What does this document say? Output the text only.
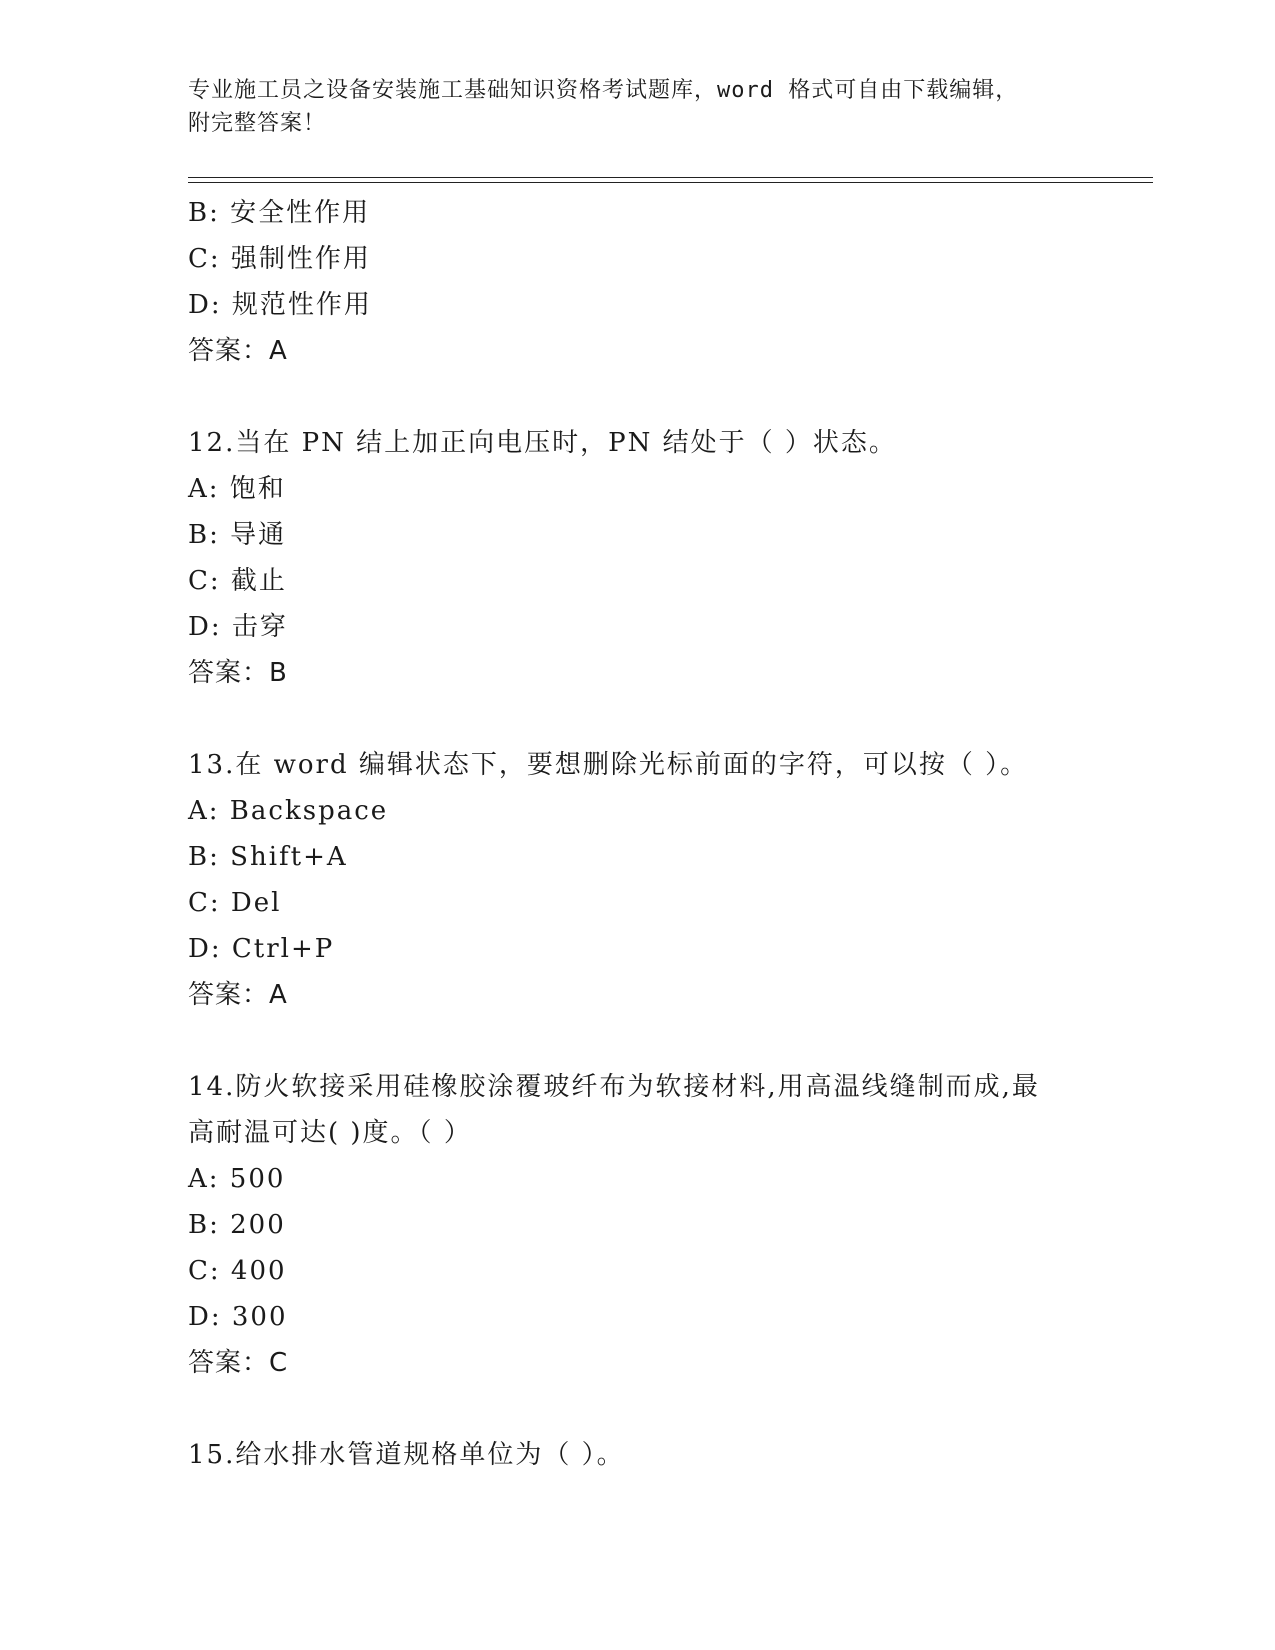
专业施工员之设备安装施工基础知识资格考试题库，word 格式可自由下载编辑，
附完整答案！
B: 安全性作用
C: 强制性作用
D: 规范性作用
答案：A
12.当在 PN 结上加正向电压时，PN 结处于（ ）状态。
A: 饱和
B: 导通
C: 截止
D: 击穿
答案：B
13.在 word 编辑状态下，要想删除光标前面的字符，可以按（ ）。
A: Backspace
B: Shift+A
C: Del
D: Ctrl+P
答案：A
14.防火软接采用硅橡胶涂覆玻纤布为软接材料,用高温线缝制而成,最
高耐温可达( )度。（ ）
A: 500
B: 200
C: 400
D: 300
答案：C
15.给水排水管道规格单位为（ ）。
